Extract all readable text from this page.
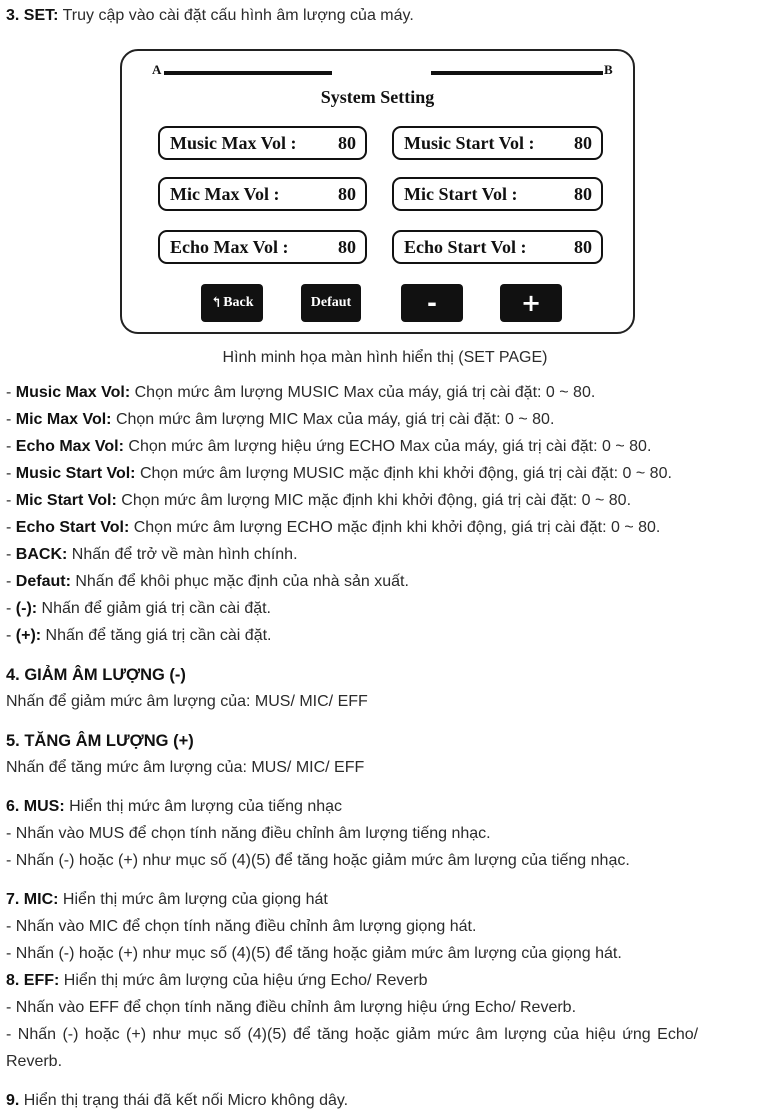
3. SET: Truy cập vào cài đặt cấu hình âm lượng của máy.
A	B
System Setting
Music Max Vol : 80	Music Start Vol : 80
Mic Max Vol :	80	Mic Start Vol :	80
Echo Max Vol :	80	Echo Start Vol :	80
↰ Back	Defaut	-	+
Hình minh họa màn hình hiển thị (SET PAGE)
- Music Max Vol: Chọn mức âm lượng MUSIC Max của máy, giá trị cài đặt: 0 ~ 80.
- Mic Max Vol: Chọn mức âm lượng MIC Max của máy, giá trị cài đặt: 0 ~ 80.
- Echo Max Vol: Chọn mức âm lượng hiệu ứng ECHO Max của máy, giá trị cài đặt: 0 ~ 80.
- Music Start Vol: Chọn mức âm lượng MUSIC mặc định khi khởi động, giá trị cài đặt: 0 ~ 80.
- Mic Start Vol: Chọn mức âm lượng MIC mặc định khi khởi động, giá trị cài đặt: 0 ~ 80.
- Echo Start Vol: Chọn mức âm lượng ECHO mặc định khi khởi động, giá trị cài đặt: 0 ~ 80.
- BACK: Nhấn để trở về màn hình chính.
- Defaut: Nhấn để khôi phục mặc định của nhà sản xuất.
- (-): Nhấn để giảm giá trị cần cài đặt.
- (+): Nhấn để tăng giá trị cần cài đặt.
4. GIẢM ÂM LƯỢNG (-)
Nhấn để giảm mức âm lượng của: MUS/ MIC/ EFF
5. TĂNG ÂM LƯỢNG (+)
Nhấn để tăng mức âm lượng của: MUS/ MIC/ EFF
6. MUS: Hiển thị mức âm lượng của tiếng nhạc
- Nhấn vào MUS để chọn tính năng điều chỉnh âm lượng tiếng nhạc.
- Nhấn (-) hoặc (+) như mục số (4)(5) để tăng hoặc giảm mức âm lượng của tiếng nhạc.
7. MIC: Hiển thị mức âm lượng của giọng hát
- Nhấn vào MIC để chọn tính năng điều chỉnh âm lượng giọng hát.
- Nhấn (-) hoặc (+) như mục số (4)(5) để tăng hoặc giảm mức âm lượng của giọng hát.
8. EFF: Hiển thị mức âm lượng của hiệu ứng Echo/ Reverb
- Nhấn vào EFF để chọn tính năng điều chỉnh âm lượng hiệu ứng Echo/ Reverb.
- Nhấn (-) hoặc (+) như mục số (4)(5) để tăng hoặc giảm mức âm lượng của hiệu ứng Echo/
Reverb.
9. Hiển thị trạng thái đã kết nối Micro không dây.
